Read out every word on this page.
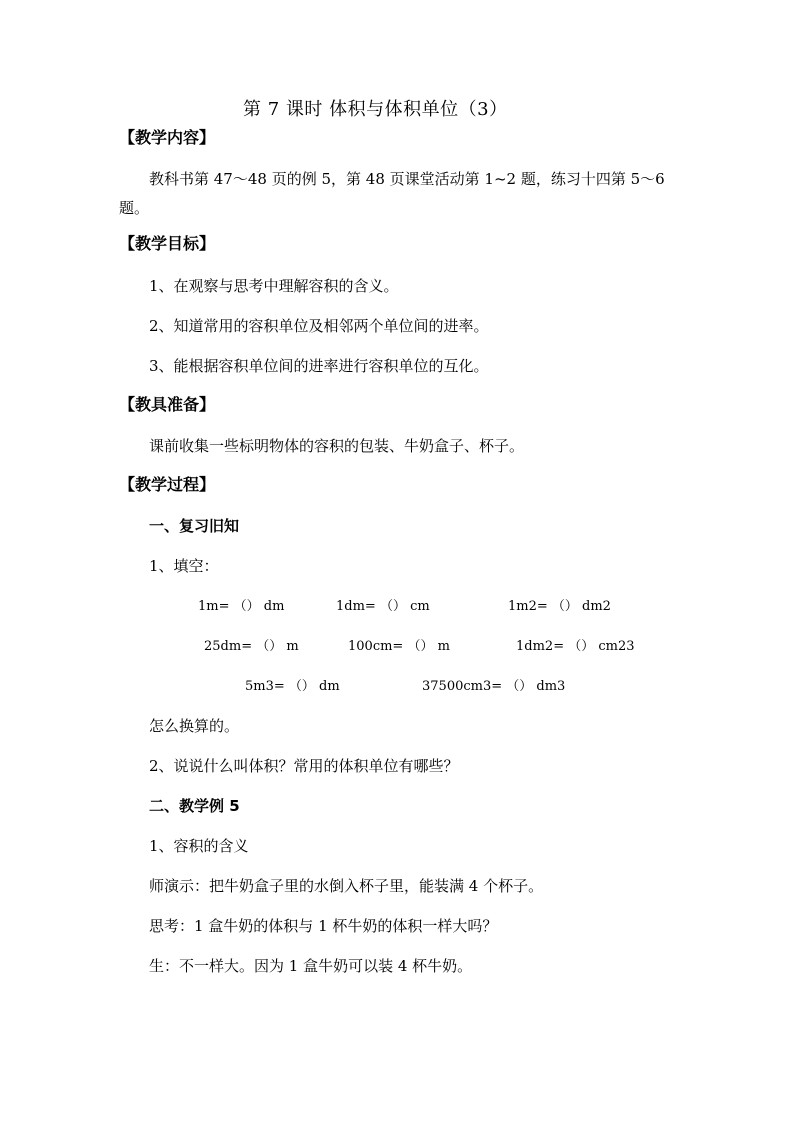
第 7 课时 体积与体积单位（3）
【教学内容】
教科书第 47～48 页的例 5，第 48 页课堂活动第 1~2 题，练习十四第 5～6
题。
【教学目标】
1、在观察与思考中理解容积的含义。
2、知道常用的容积单位及相邻两个单位间的进率。
3、能根据容积单位间的进率进行容积单位的互化。
【教具准备】
课前收集一些标明物体的容积的包装、牛奶盒子、杯子。
【教学过程】
一、复习旧知
1、填空：
1m= （） dm	1dm= （） cm	1m2= （） dm2
25dm= （） m	100cm= （） m	1dm2= （） cm23
5m3= （） dm	37500cm3= （） dm3
怎么换算的。
2、说说什么叫体积？常用的体积单位有哪些？
二、教学例 5
1、容积的含义
师演示：把牛奶盒子里的水倒入杯子里，能装满 4 个杯子。
思考：1 盒牛奶的体积与 1 杯牛奶的体积一样大吗？
生：不一样大。因为 1 盒牛奶可以装 4 杯牛奶。
